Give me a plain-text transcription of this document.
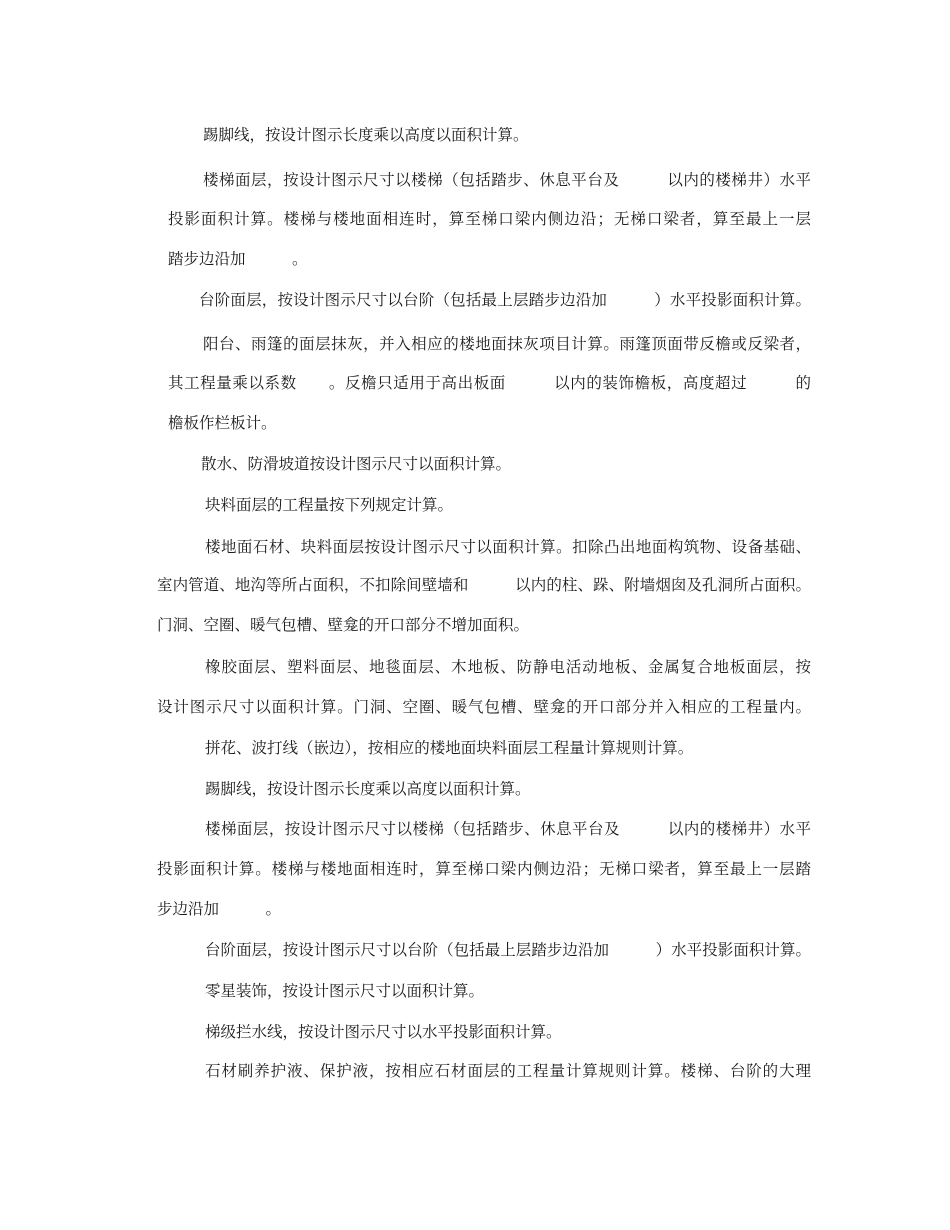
踢脚线，按设计图示长度乘以高度以面积计算。
楼梯面层，按设计图示尺寸以楼梯（包括踏步、休息平台及　　　以内的楼梯井）水平
投影面积计算。楼梯与楼地面相连时，算至梯口梁内侧边沿；无梯口梁者，算至最上一层
踏步边沿加　　　。
台阶面层，按设计图示尺寸以台阶（包括最上层踏步边沿加　　　）水平投影面积计算。
阳台、雨篷的面层抹灰，并入相应的楼地面抹灰项目计算。雨篷顶面带反檐或反梁者，
其工程量乘以系数　　。反檐只适用于高出板面　　　以内的装饰檐板，高度超过　　　的
檐板作栏板计。
散水、防滑坡道按设计图示尺寸以面积计算。
块料面层的工程量按下列规定计算。
楼地面石材、块料面层按设计图示尺寸以面积计算。扣除凸出地面构筑物、设备基础、
室内管道、地沟等所占面积，不扣除间壁墙和　　　以内的柱、跺、附墙烟囱及孔洞所占面积。
门洞、空圈、暖气包槽、壁龛的开口部分不增加面积。
橡胶面层、塑料面层、地毯面层、木地板、防静电活动地板、金属复合地板面层，按
设计图示尺寸以面积计算。门洞、空圈、暖气包槽、壁龛的开口部分并入相应的工程量内。
拼花、波打线（嵌边），按相应的楼地面块料面层工程量计算规则计算。
踢脚线，按设计图示长度乘以高度以面积计算。
楼梯面层，按设计图示尺寸以楼梯（包括踏步、休息平台及　　　以内的楼梯井）水平
投影面积计算。楼梯与楼地面相连时，算至梯口梁内侧边沿；无梯口梁者，算至最上一层踏
步边沿加　　　。
台阶面层，按设计图示尺寸以台阶（包括最上层踏步边沿加　　　）水平投影面积计算。
零星装饰，按设计图示尺寸以面积计算。
梯级拦水线，按设计图示尺寸以水平投影面积计算。
石材刷养护液、保护液，按相应石材面层的工程量计算规则计算。楼梯、台阶的大理
